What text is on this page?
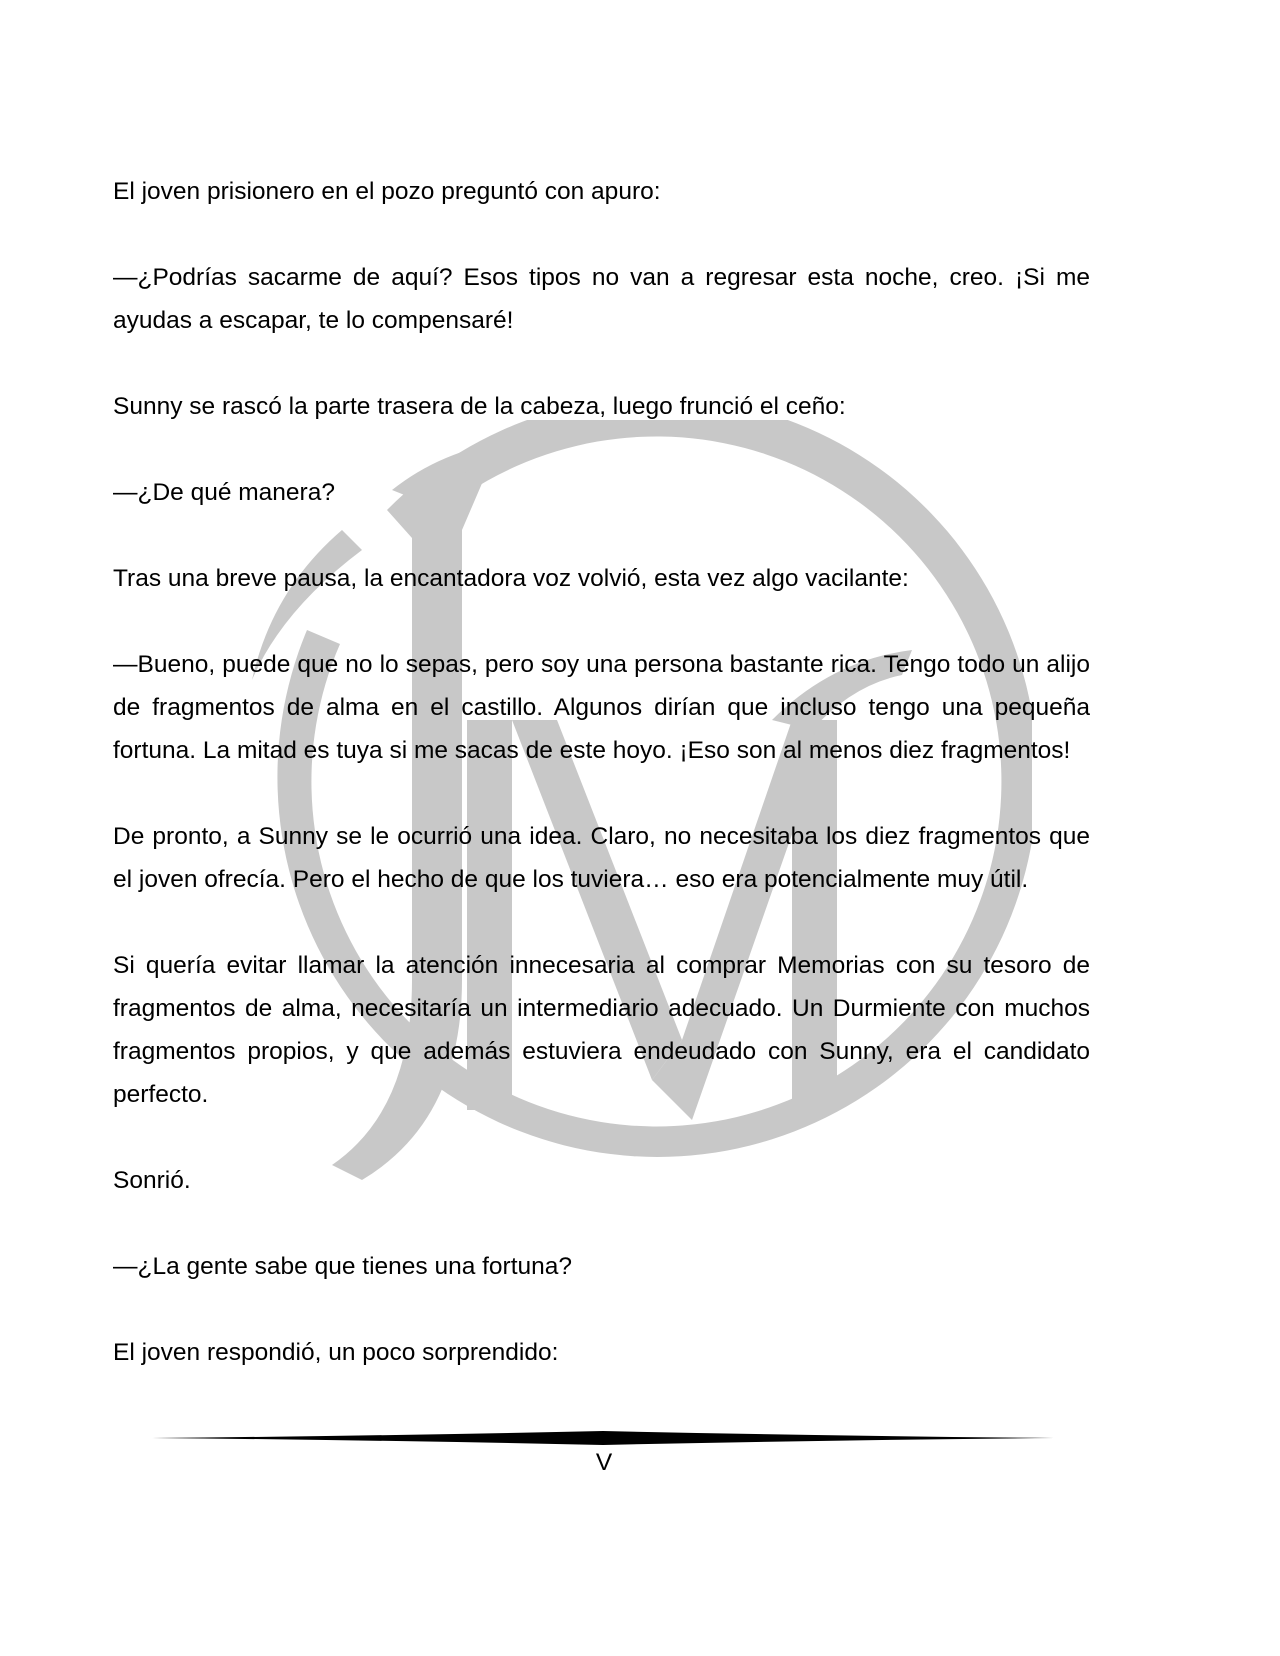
El joven prisionero en el pozo preguntó con apuro:

—¿Podrías sacarme de aquí? Esos tipos no van a regresar esta noche, creo. ¡Si me ayudas a escapar, te lo compensaré!

Sunny se rascó la parte trasera de la cabeza, luego frunció el ceño:

—¿De qué manera?

Tras una breve pausa, la encantadora voz volvió, esta vez algo vacilante:

—Bueno, puede que no lo sepas, pero soy una persona bastante rica. Tengo todo un alijo de fragmentos de alma en el castillo. Algunos dirían que incluso tengo una pequeña fortuna. La mitad es tuya si me sacas de este hoyo. ¡Eso son al menos diez fragmentos!

De pronto, a Sunny se le ocurrió una idea. Claro, no necesitaba los diez fragmentos que el joven ofrecía. Pero el hecho de que los tuviera… eso era potencialmente muy útil.

Si quería evitar llamar la atención innecesaria al comprar Memorias con su tesoro de fragmentos de alma, necesitaría un intermediario adecuado. Un Durmiente con muchos fragmentos propios, y que además estuviera endeudado con Sunny, era el candidato perfecto.

Sonrió.

—¿La gente sabe que tienes una fortuna?

El joven respondió, un poco sorprendido:

V
